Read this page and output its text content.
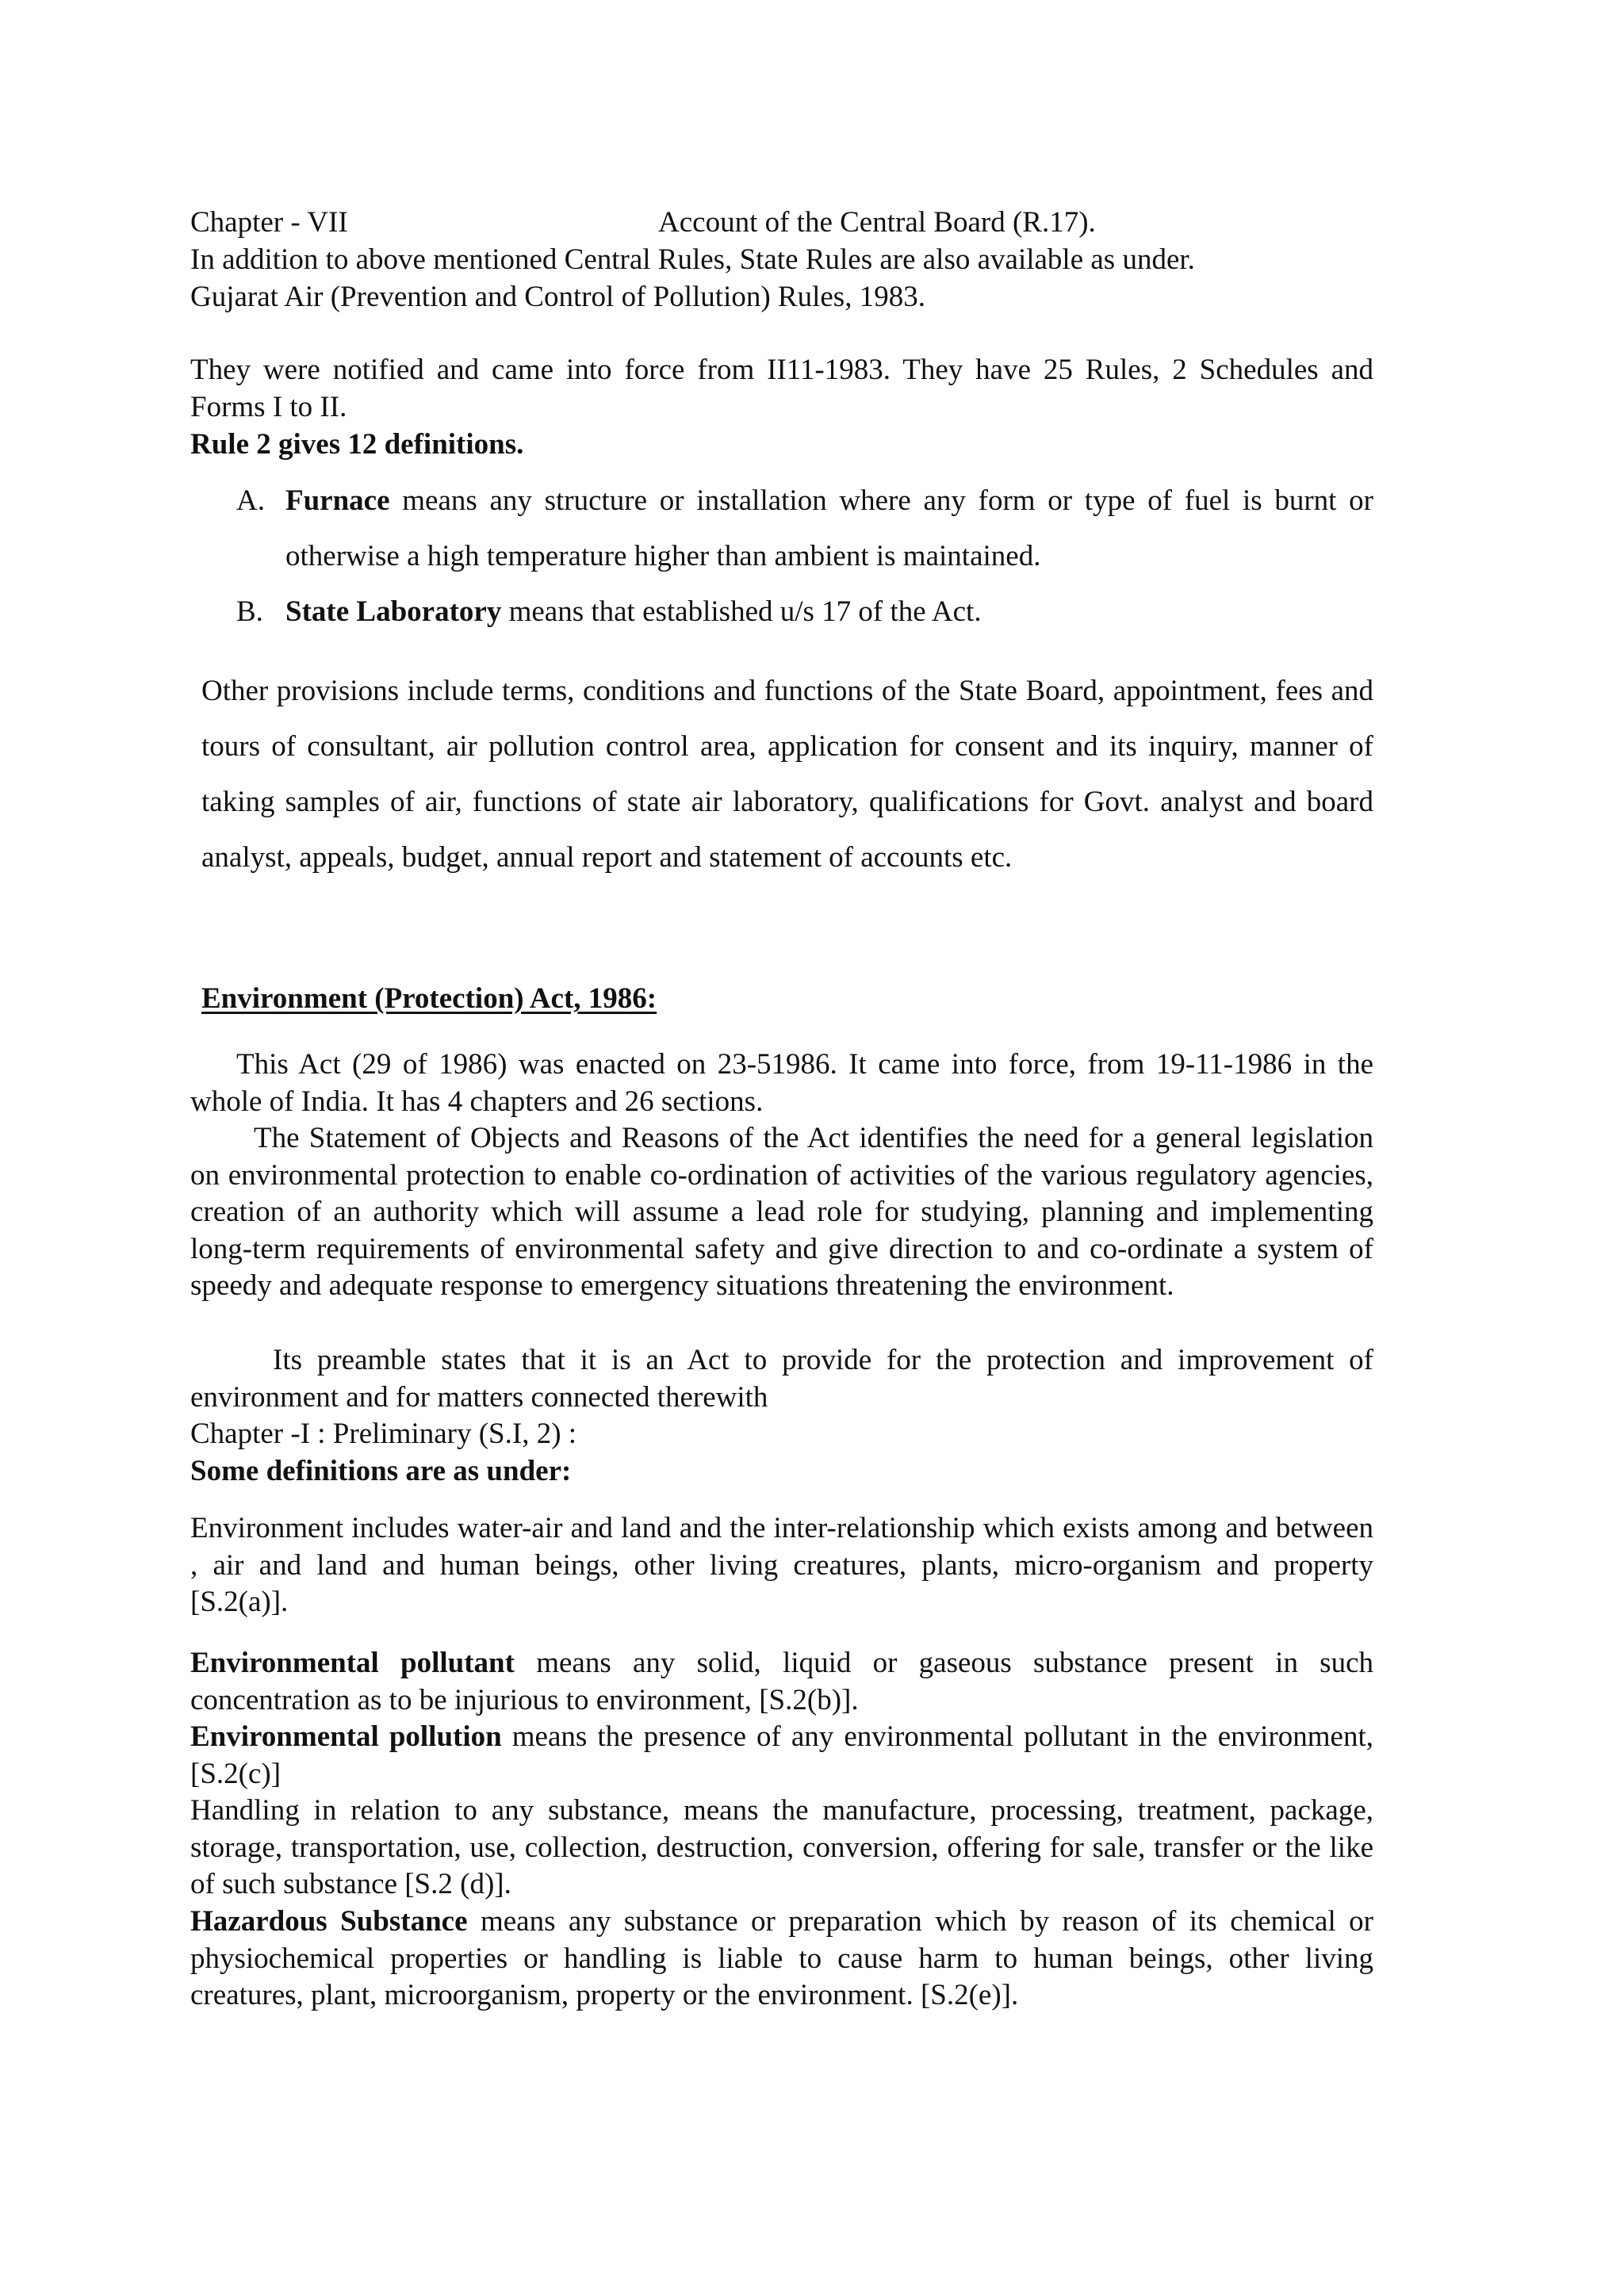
Chapter - VII	Account of the Central Board (R.17).
In addition to above mentioned Central Rules, State Rules are also available as under.
Gujarat Air (Prevention and Control of Pollution) Rules, 1983.
They were notified and came into force from II11-1983. They have 25 Rules, 2 Schedules and Forms I to II.
Rule 2 gives 12 definitions.
A. Furnace means any structure or installation where any form or type of fuel is burnt or otherwise a high temperature higher than ambient is maintained.
B. State Laboratory means that established u/s 17 of the Act.
Other provisions include terms, conditions and functions of the State Board, appointment, fees and tours of consultant, air pollution control area, application for consent and its inquiry, manner of taking samples of air, functions of state air laboratory, qualifications for Govt. analyst and board analyst, appeals, budget, annual report and statement of accounts etc.
Environment (Protection) Act, 1986:
This Act (29 of 1986) was enacted on 23-51986. It came into force, from 19-11-1986 in the whole of India. It has 4 chapters and 26 sections.
The Statement of Objects and Reasons of the Act identifies the need for a general legislation on environmental protection to enable co-ordination of activities of the various regulatory agencies, creation of an authority which will assume a lead role for studying, planning and implementing long-term requirements of environmental safety and give direction to and co-ordinate a system of speedy and adequate response to emergency situations threatening the environment.
Its preamble states that it is an Act to provide for the protection and improvement of environment and for matters connected therewith
Chapter -I : Preliminary (S.I, 2) :
Some definitions are as under:
Environment includes water-air and land and the inter-relationship which exists among and between , air and land and human beings, other living creatures, plants, micro-organism and property [S.2(a)].
Environmental pollutant means any solid, liquid or gaseous substance present in such concentration as to be injurious to environment, [S.2(b)].
Environmental pollution means the presence of any environmental pollutant in the environment, [S.2(c)]
Handling in relation to any substance, means the manufacture, processing, treatment, package, storage, transportation, use, collection, destruction, conversion, offering for sale, transfer or the like of such substance [S.2 (d)].
Hazardous Substance means any substance or preparation which by reason of its chemical or physiochemical properties or handling is liable to cause harm to human beings, other living creatures, plant, microorganism, property or the environment. [S.2(e)].
